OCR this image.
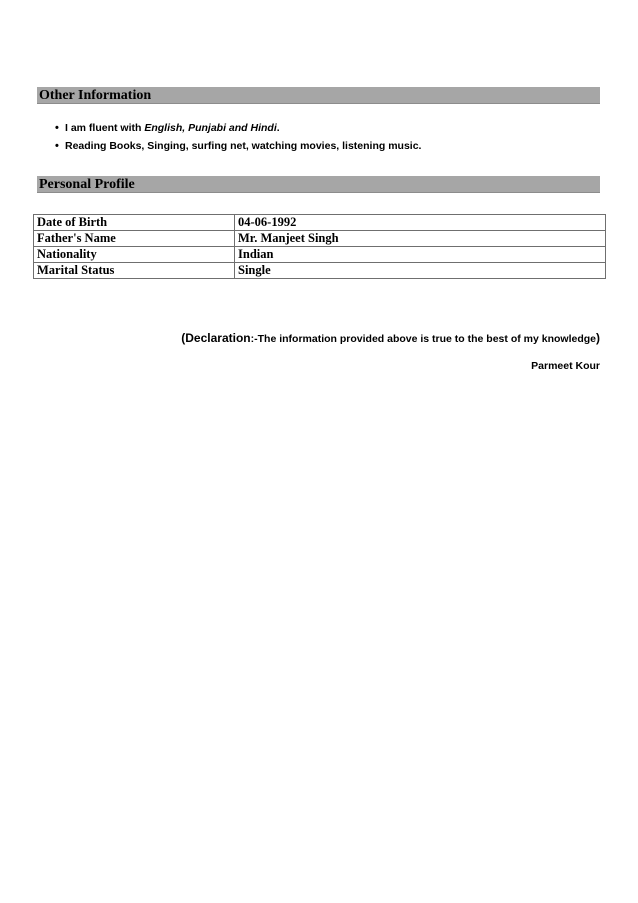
Other Information
• I am fluent with English, Punjabi and Hindi.
• Reading Books, Singing, surfing net, watching movies, listening music.
Personal Profile
Date of Birth	04-06-1992
Father's Name	Mr. Manjeet Singh
Nationality	Indian
Marital Status	Single
(Declaration:-The information provided above is true to the best of my knowledge)
Parmeet Kour
